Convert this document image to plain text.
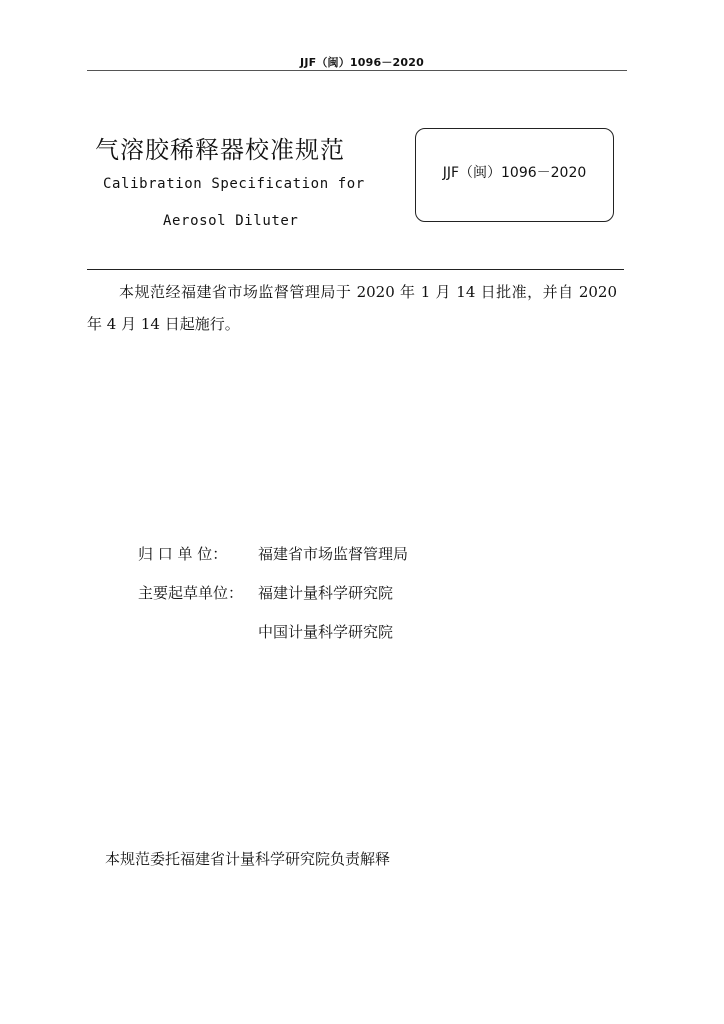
JJF（闽）1096－2020
气溶胶稀释器校准规范
Calibration Specification for
Aerosol Diluter
JJF（闽）1096－2020
本规范经福建省市场监督管理局于 2020 年 1 月 14 日批准，并自 2020 年 4 月 14 日起施行。
归 口 单 位： 福建省市场监督管理局
主要起草单位： 福建计量科学研究院
中国计量科学研究院
本规范委托福建省计量科学研究院负责解释
